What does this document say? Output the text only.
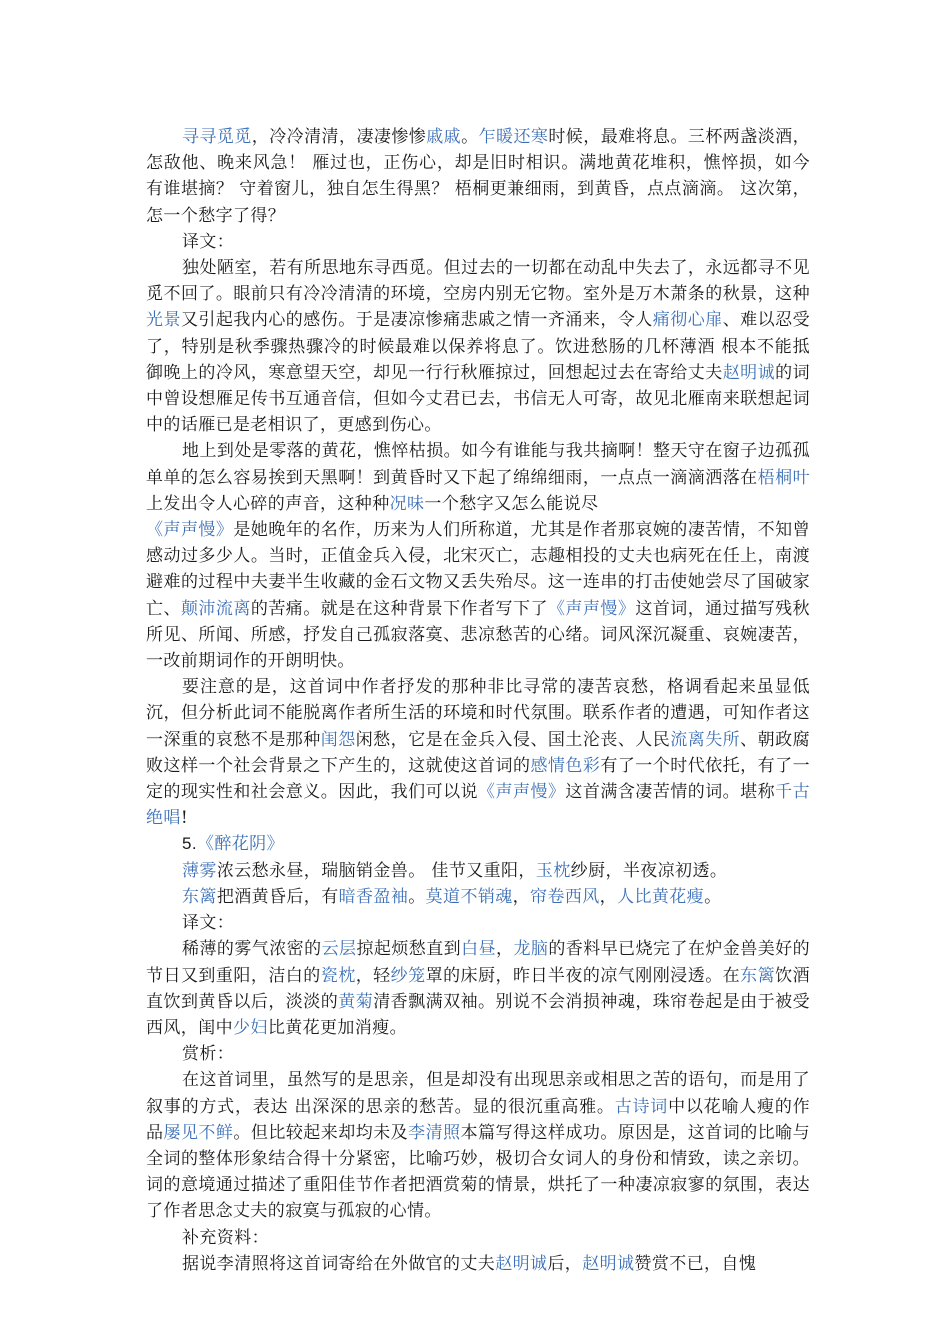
寻寻觅觅，冷冷清清，凄凄惨惨戚戚。乍暖还寒时候，最难将息。三杯两盏淡酒，怎敌他、晚来风急！ 雁过也，正伤心，却是旧时相识。满地黄花堆积，憔悴损，如今有谁堪摘？ 守着窗儿，独自怎生得黑？ 梧桐更兼细雨，到黄昏，点点滴滴。 这次第，怎一个愁字了得？

译文：

独处陋室，若有所思地东寻西觅。但过去的一切都在动乱中失去了，永远都寻不见觅不回了。眼前只有冷冷清清的环境，空房内别无它物。室外是万木萧条的秋景，这种光景又引起我内心的感伤。于是凄凉惨痛悲戚之情一齐涌来，令人痛彻心扉、难以忍受了，特别是秋季骤热骤冷的时候最难以保养将息了。饮进愁肠的几杯薄酒 根本不能抵御晚上的冷风，寒意望天空，却见一行行秋雁掠过，回想起过去在寄给丈夫赵明诚的词中曾设想雁足传书互通音信，但如今丈君已去，书信无人可寄，故见北雁南来联想起词中的话雁已是老相识了，更感到伤心。

地上到处是零落的黄花，憔悴枯损。如今有谁能与我共摘啊！整天守在窗子边孤孤单单的怎么容易挨到天黑啊！到黄昏时又下起了绵绵细雨，一点点一滴滴洒落在梧桐叶上发出令人心碎的声音，这种种况味一个愁字又怎么能说尽

《声声慢》是她晚年的名作，历来为人们所称道，尤其是作者那哀婉的凄苦情，不知曾感动过多少人。当时，正值金兵入侵，北宋灭亡，志趣相投的丈夫也病死在任上，南渡避难的过程中夫妻半生收藏的金石文物又丢失殆尽。这一连串的打击使她尝尽了国破家亡、颠沛流离的苦痛。就是在这种背景下作者写下了《声声慢》这首词，通过描写残秋所见、所闻、所感，抒发自己孤寂落寞、悲凉愁苦的心绪。词风深沉凝重、哀婉凄苦，一改前期词作的开朗明快。

要注意的是，这首词中作者抒发的那种非比寻常的凄苦哀愁，格调看起来虽显低沉，但分析此词不能脱离作者所生活的环境和时代氛围。联系作者的遭遇，可知作者这一深重的哀愁不是那种闺怨闲愁，它是在金兵入侵、国土沦丧、人民流离失所、朝政腐败这样一个社会背景之下产生的，这就使这首词的感情色彩有了一个时代依托，有了一定的现实性和社会意义。因此，我们可以说《声声慢》这首满含凄苦情的词。堪称千古绝唱!

5.《醉花阴》

薄雾浓云愁永昼，瑞脑销金兽。 佳节又重阳，玉枕纱厨，半夜凉初透。

东篱把酒黄昏后，有暗香盈袖。莫道不销魂，帘卷西风，人比黄花瘦。

译文：

稀薄的雾气浓密的云层掠起烦愁直到白昼，龙脑的香料早已烧完了在炉金兽美好的节日又到重阳，洁白的瓷枕，轻纱笼罩的床厨，昨日半夜的凉气刚刚浸透。在东篱饮酒直饮到黄昏以后，淡淡的黄菊清香飘满双袖。别说不会消损神魂，珠帘卷起是由于被受西风，闺中少妇比黄花更加消瘦。

赏析：

在这首词里，虽然写的是思亲，但是却没有出现思亲或相思之苦的语句，而是用了叙事的方式，表达 出深深的思亲的愁苦。显的很沉重高雅。古诗词中以花喻人瘦的作品屡见不鲜。但比较起来却均未及李清照本篇写得这样成功。原因是，这首词的比喻与全词的整体形象结合得十分紧密，比喻巧妙，极切合女词人的身份和情致，读之亲切。词的意境通过描述了重阳佳节作者把酒赏菊的情景，烘托了一种凄凉寂寥的氛围，表达了作者思念丈夫的寂寞与孤寂的心情。

补充资料：

据说李清照将这首词寄给在外做官的丈夫赵明诚后，赵明诚赞赏不已，自愧
